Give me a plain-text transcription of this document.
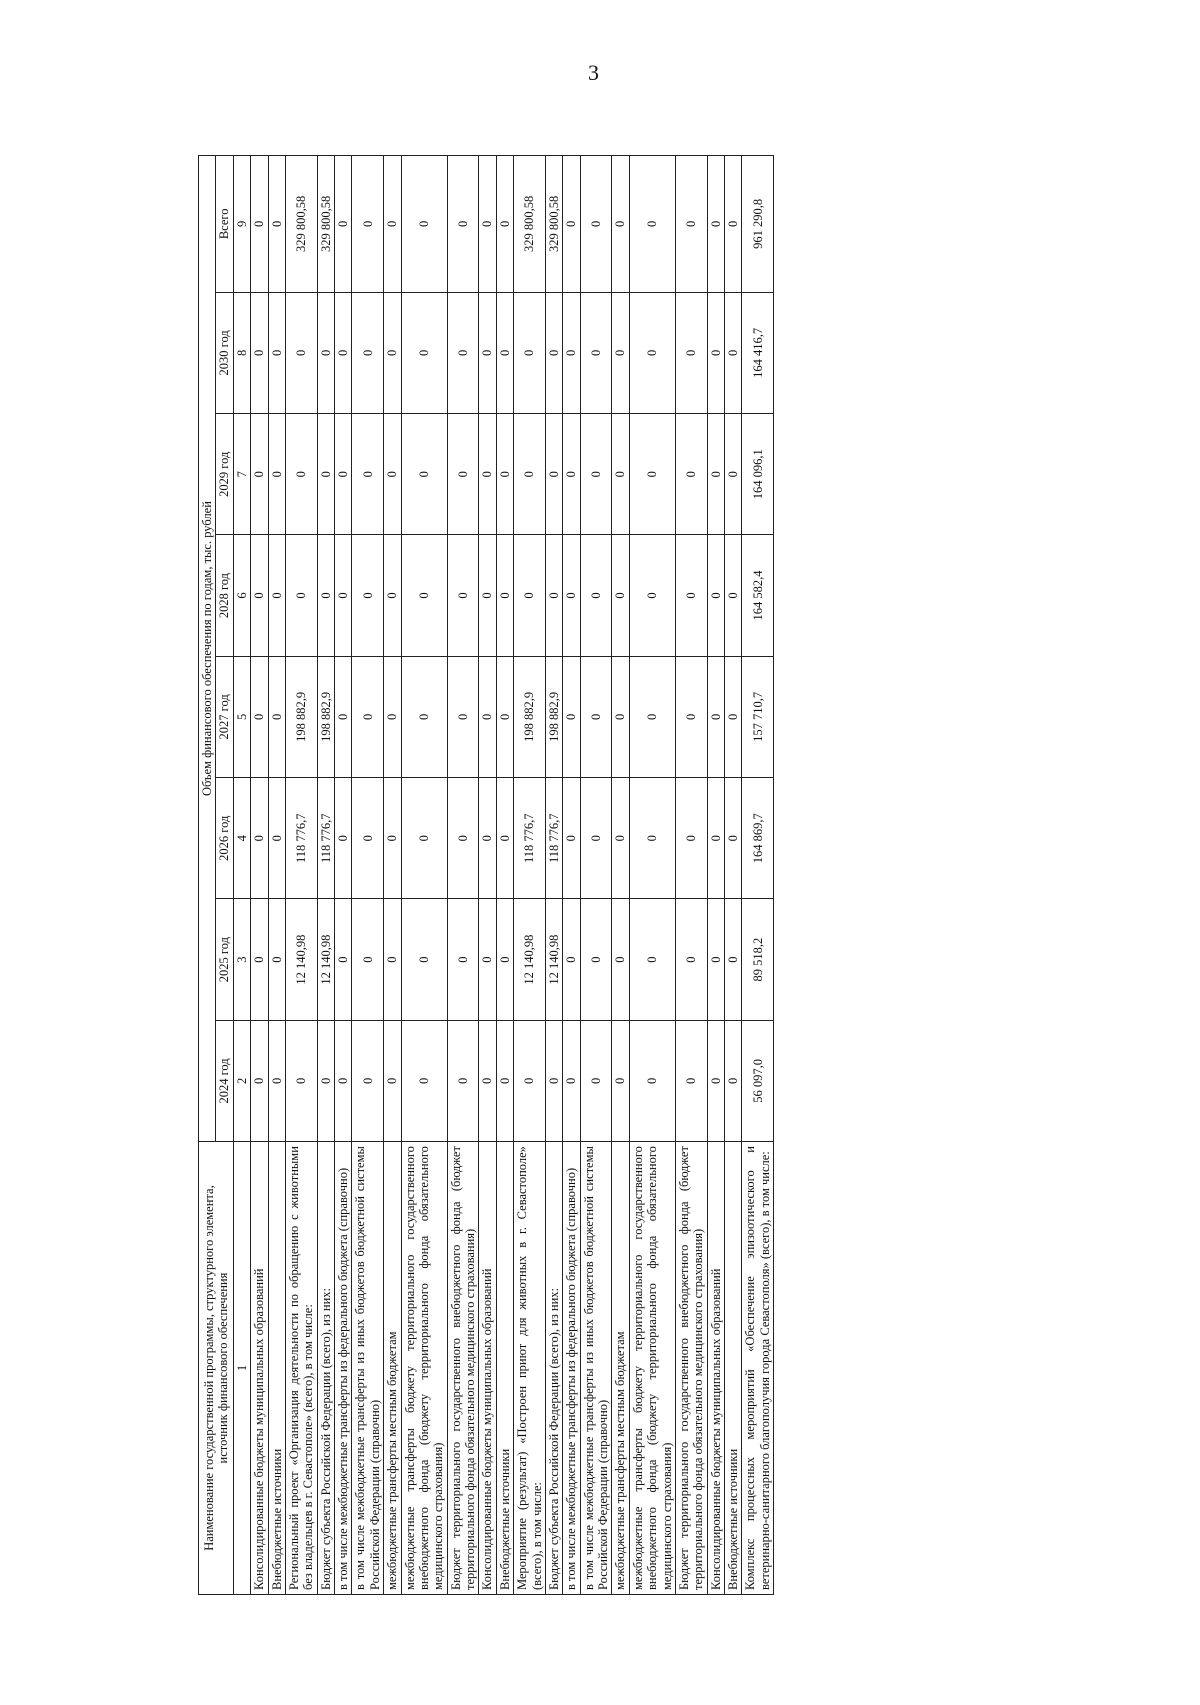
3
Наименование государственной программы, структурного элемента, источник финансового обеспечения	Объем финансового обеспечения по годам, тыс. рублей							
	2024 год	2025 год	2026 год	2027 год	2028 год	2029 год	2030 год	Всего
1	2	3	4	5	6	7	8	9
Консолидированные бюджеты муниципальных образований	0	0	0	0	0	0	0	0
Внебюджетные источники	0	0	0	0	0	0	0	0
Региональный проект «Организация деятельности по обращению с животными без владельцев в г. Севастополе» (всего), в том числе:	0	12 140,98	118 776,7	198 882,9	0	0	0	329 800,58
Бюджет субъекта Российской Федерации (всего), из них:	0	12 140,98	118 776,7	198 882,9	0	0	0	329 800,58
в том числе межбюджетные трансферты из федерального бюджета (справочно)	0	0	0	0	0	0	0	0
в том числе межбюджетные трансферты из иных бюджетов бюджетной системы Российской Федерации (справочно)	0	0	0	0	0	0	0	0
межбюджетные трансферты местным бюджетам	0	0	0	0	0	0	0	0
межбюджетные трансферты бюджету территориального государственного внебюджетного фонда (бюджету территориального фонда обязательного медицинского страхования)	0	0	0	0	0	0	0	0
Бюджет территориального государственного внебюджетного фонда (бюджет территориального фонда обязательного медицинского страхования)	0	0	0	0	0	0	0	0
Консолидированные бюджеты муниципальных образований	0	0	0	0	0	0	0	0
Внебюджетные источники	0	0	0	0	0	0	0	0
Мероприятие (результат) «Построен приют для животных в г. Севастополе» (всего), в том числе:	0	12 140,98	118 776,7	198 882,9	0	0	0	329 800,58
Бюджет субъекта Российской Федерации (всего), из них:	0	12 140,98	118 776,7	198 882,9	0	0	0	329 800,58
в том числе межбюджетные трансферты из федерального бюджета (справочно)	0	0	0	0	0	0	0	0
в том числе межбюджетные трансферты из иных бюджетов бюджетной системы Российской Федерации (справочно)	0	0	0	0	0	0	0	0
межбюджетные трансферты местным бюджетам	0	0	0	0	0	0	0	0
межбюджетные трансферты бюджету территориального государственного внебюджетного фонда (бюджету территориального фонда обязательного медицинского страхования)	0	0	0	0	0	0	0	0
Бюджет территориального государственного внебюджетного фонда (бюджет территориального фонда обязательного медицинского страхования)	0	0	0	0	0	0	0	0
Консолидированные бюджеты муниципальных образований	0	0	0	0	0	0	0	0
Внебюджетные источники	0	0	0	0	0	0	0	0
Комплекс процессных мероприятий «Обеспечение эпизоотического и ветеринарно-санитарного благополучия города Севастополя» (всего), в том числе:	56 097,0	89 518,2	164 869,7	157 710,7	164 582,4	164 096,1	164 416,7	961 290,8
